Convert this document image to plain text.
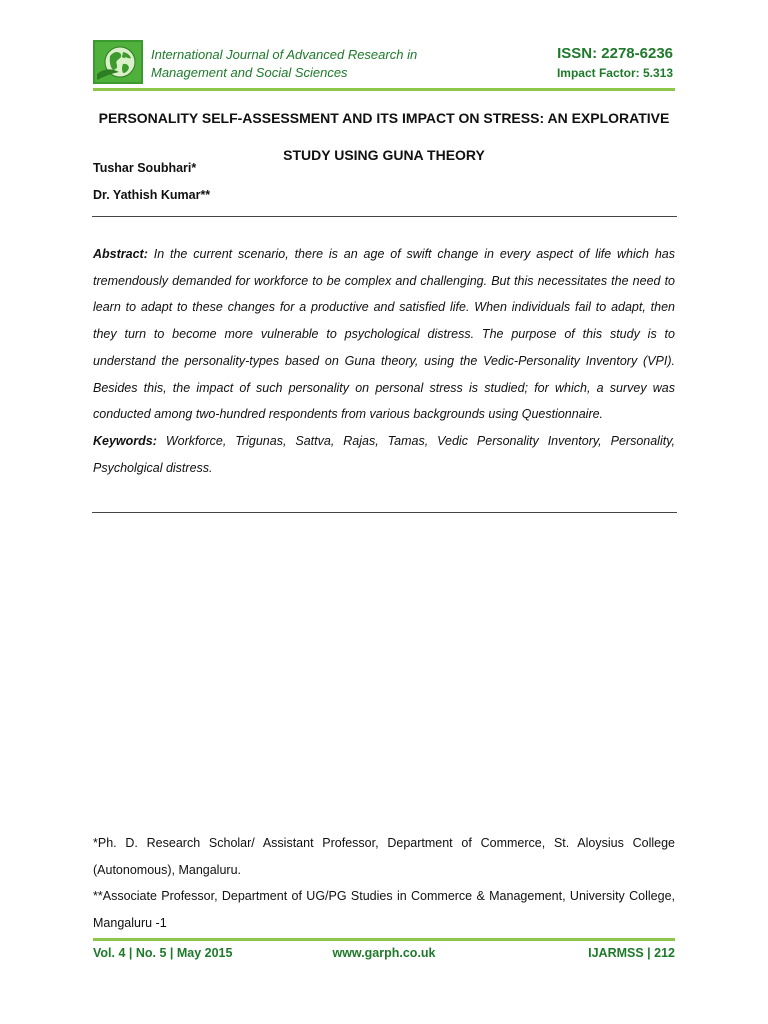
International Journal of Advanced Research in
Management and Social Sciences
ISSN: 2278-6236
Impact Factor: 5.313
PERSONALITY SELF-ASSESSMENT AND ITS IMPACT ON STRESS: AN EXPLORATIVE STUDY USING GUNA THEORY
Tushar Soubhari*
Dr. Yathish Kumar**
Abstract: In the current scenario, there is an age of swift change in every aspect of life which has tremendously demanded for workforce to be complex and challenging. But this necessitates the need to learn to adapt to these changes for a productive and satisfied life. When individuals fail to adapt, then they turn to become more vulnerable to psychological distress. The purpose of this study is to understand the personality-types based on Guna theory, using the Vedic-Personality Inventory (VPI). Besides this, the impact of such personality on personal stress is studied; for which, a survey was conducted among two-hundred respondents from various backgrounds using Questionnaire.
Keywords: Workforce, Trigunas, Sattva, Rajas, Tamas, Vedic Personality Inventory, Personality, Psycholgical distress.
*Ph. D. Research Scholar/ Assistant Professor, Department of Commerce, St. Aloysius College (Autonomous), Mangaluru.
**Associate Professor, Department of UG/PG Studies in Commerce & Management, University College, Mangaluru -1
Vol. 4 | No. 5 | May 2015	www.garph.co.uk	IJARMSS | 212
